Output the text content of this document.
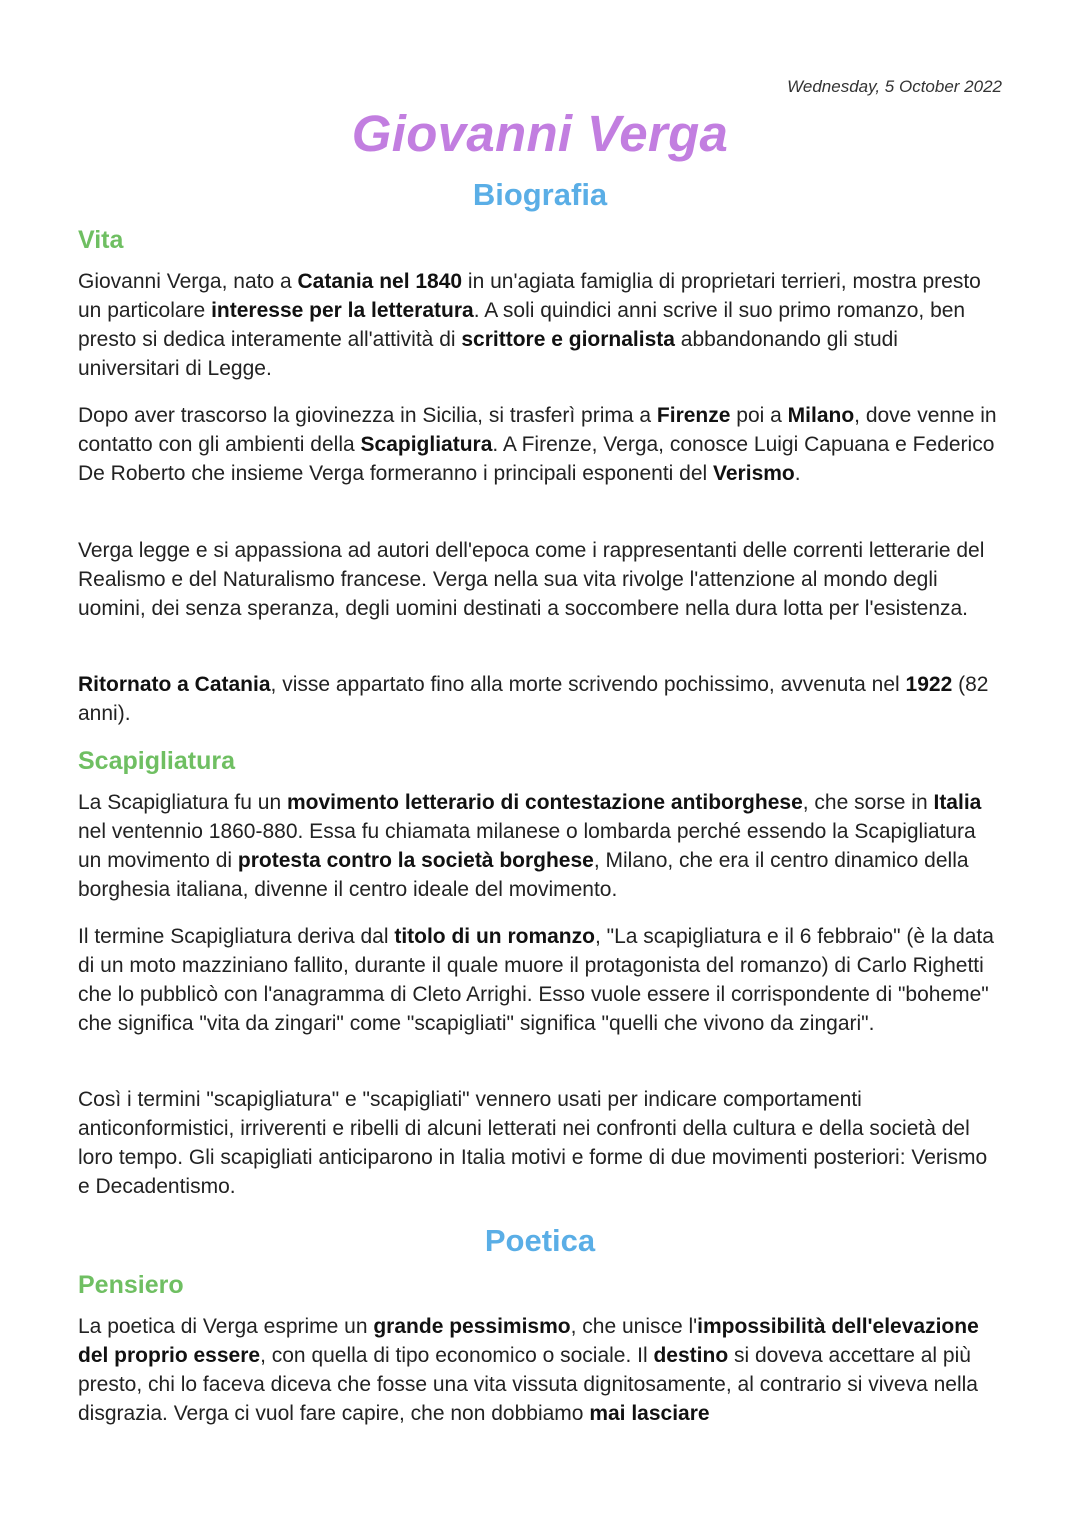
Wednesday, 5 October 2022
Giovanni Verga
Biografia
Vita

Giovanni Verga, nato a Catania nel 1840 in un'agiata famiglia di proprietari terrieri, mostra presto un particolare interesse per la letteratura. A soli quindici anni scrive il suo primo romanzo, ben presto si dedica interamente all'attività di scrittore e giornalista abbandonando gli studi universitari di Legge.

Dopo aver trascorso la giovinezza in Sicilia, si trasferì prima a Firenze poi a Milano, dove venne in contatto con gli ambienti della Scapigliatura. A Firenze, Verga, conosce Luigi Capuana e Federico De Roberto che insieme Verga formeranno i principali esponenti del Verismo.

Verga legge e si appassiona ad autori dell'epoca come i rappresentanti delle correnti letterarie del Realismo e del Naturalismo francese. Verga nella sua vita rivolge l'attenzione al mondo degli uomini, dei senza speranza, degli uomini destinati a soccombere nella dura lotta per l'esistenza.

Ritornato a Catania, visse appartato fino alla morte scrivendo pochissimo, avvenuta nel 1922 (82 anni).

Scapigliatura

La Scapigliatura fu un movimento letterario di contestazione antiborghese, che sorse in Italia nel ventennio 1860-880. Essa fu chiamata milanese o lombarda perché essendo la Scapigliatura un movimento di protesta contro la società borghese, Milano, che era il centro dinamico della borghesia italiana, divenne il centro ideale del movimento.

Il termine Scapigliatura deriva dal titolo di un romanzo, "La scapigliatura e il 6 febbraio" (è la data di un moto mazziniano fallito, durante il quale muore il protagonista del romanzo) di Carlo Righetti che lo pubblicò con l'anagramma di Cleto Arrighi. Esso vuole essere il corrispondente di "boheme" che significa "vita da zingari" come "scapigliati" significa "quelli che vivono da zingari".

Così i termini "scapigliatura" e "scapigliati" vennero usati per indicare comportamenti anticonformistici, irriverenti e ribelli di alcuni letterati nei confronti della cultura e della società del loro tempo. Gli scapigliati anticiparono in Italia motivi e forme di due movimenti posteriori: Verismo e Decadentismo.

Poetica
Pensiero

La poetica di Verga esprime un grande pessimismo, che unisce l'impossibilità dell'elevazione del proprio essere, con quella di tipo economico o sociale. Il destino si doveva accettare al più presto, chi lo faceva diceva che fosse una vita vissuta dignitosamente, al contrario si viveva nella disgrazia. Verga ci vuol fare capire, che non dobbiamo mai lasciare
